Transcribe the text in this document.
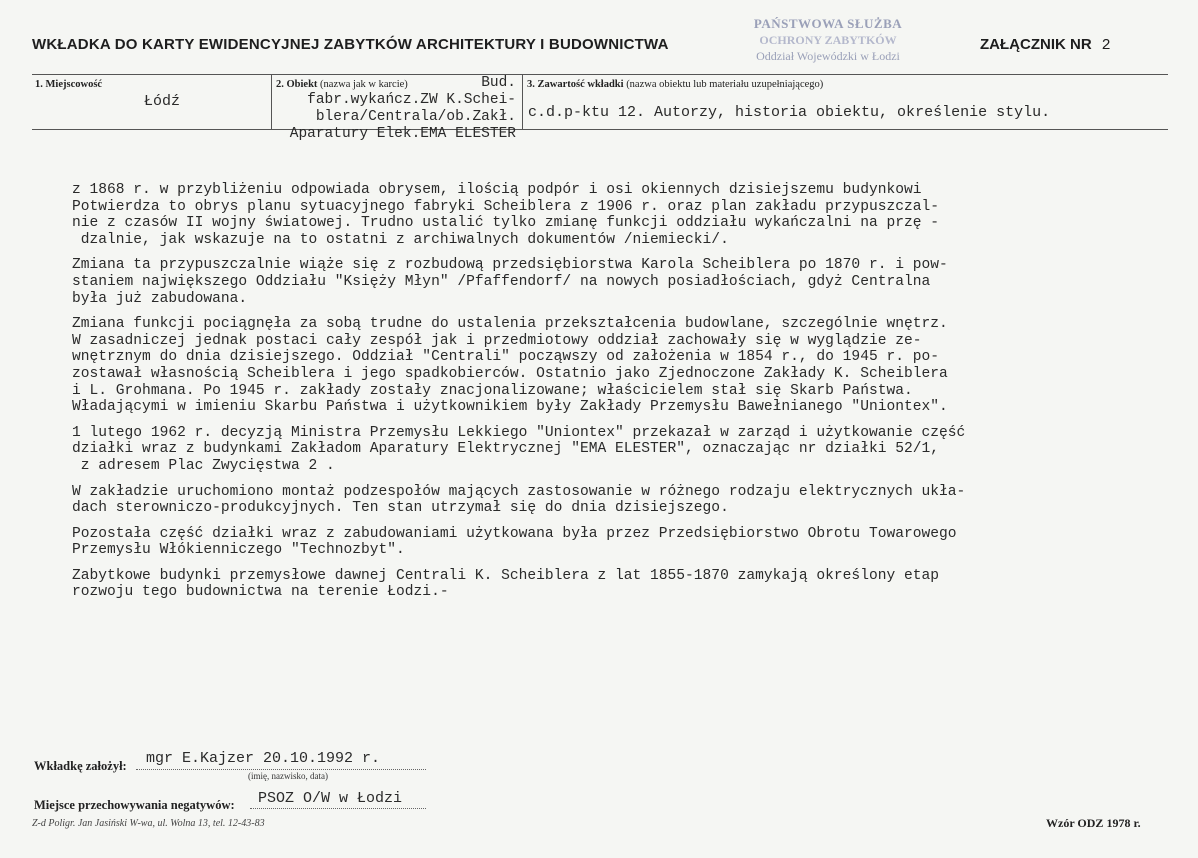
WKŁADKA DO KARTY EWIDENCYJNEJ ZABYTKÓW ARCHITEKTURY I BUDOWNICTWA
PAŃSTWOWA SŁUŻBA
OCHRONY ZABYTKÓW
Oddział Wojewódzki w Łodzi
ZAŁĄCZNIK NR 2
1. Miejscowość
Łódź
2. Obiekt (nazwa jak w karcie)	Bud.
fabr.wykańcz.ZW K.Schei-
blera/Centrala/ob.Zakł.
Aparatury Elek.EMA ELESTER
3. Zawartość wkładki (nazwa obiektu lub materiału uzupełniającego)
c.d.p-ktu 12. Autorzy, historia obiektu, określenie stylu.

z 1868 r. w przybliżeniu odpowiada obrysem, ilością podpór i osi okiennych dzisiejszemu budynkowi
Potwierdza to obrys planu sytuacyjnego fabryki Scheiblera z 1906 r. oraz plan zakładu przypuszczal-
nie z czasów II wojny światowej. Trudno ustalić tylko zmianę funkcji oddziału wykańczalni na przę -
dzalnie, jak wskazuje na to ostatni z archiwalnych dokumentów /niemiecki/.

Zmiana ta przypuszczalnie wiąże się z rozbudową przedsiębiorstwa Karola Scheiblera po 1870 r. i pow-
staniem największego Oddziału "Księży Młyn" /Pfaffendorf/ na nowych posiadłościach, gdyż Centralna
była już zabudowana.

Zmiana funkcji pociągnęła za sobą trudne do ustalenia przekształcenia budowlane, szczególnie wnętrz.
W zasadniczej jednak postaci cały zespół jak i przedmiotowy oddział zachowały się w wyglądzie ze-
wnętrznym do dnia dzisiejszego. Oddział "Centrali" począwszy od założenia w 1854 r., do 1945 r. po-
zostawał własnością Scheiblera i jego spadkobierców. Ostatnio jako Zjednoczone Zakłady K. Scheiblera
i L. Grohmana. Po 1945 r. zakłady zostały znacjonalizowane; właścicielem stał się Skarb Państwa.
Władającymi w imieniu Skarbu Państwa i użytkownikiem były Zakłady Przemysłu Bawełnianego "Uniontex".

1 lutego 1962 r. decyzją Ministra Przemysłu Lekkiego "Uniontex" przekazał w zarząd i użytkowanie część
działki wraz z budynkami Zakładom Aparatury Elektrycznej "EMA ELESTER", oznaczając nr działki 52/1,
z adresem Plac Zwycięstwa 2 .

W zakładzie uruchomiono montaż podzespołów mających zastosowanie w różnego rodzaju elektrycznych ukła-
dach sterowniczo-produkcyjnych. Ten stan utrzymał się do dnia dzisiejszego.

Pozostała część działki wraz z zabudowaniami użytkowana była przez Przedsiębiorstwo Obrotu Towarowego
Przemysłu Włókienniczego "Technozbyt".

Zabytkowe budynki przemysłowe dawnej Centrali K. Scheiblera z lat 1855-1870 zamykają określony etap
rozwoju tego budownictwa na terenie Łodzi.-

Wkładkę założył: mgr E.Kajzer 20.10.1992 r.
(imię, nazwisko, data)
Miejsce przechowywania negatywów: PSOZ O/W w Łodzi
Z-d Poligr. Jan Jasiński W-wa, ul. Wolna 13, tel. 12-43-83	Wzór ODZ 1978 r.
